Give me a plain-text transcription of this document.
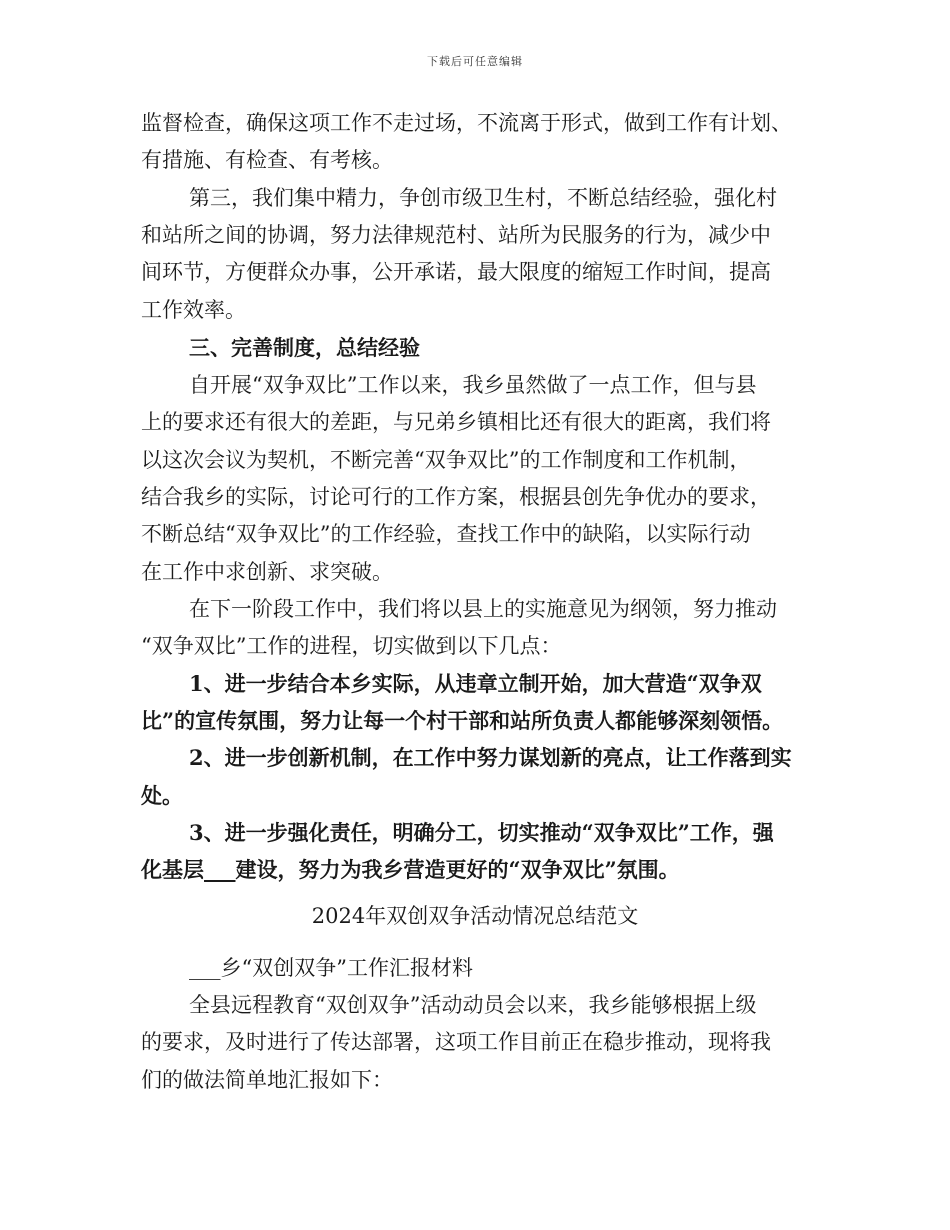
下载后可任意编辑
监督检查，确保这项工作不走过场，不流离于形式，做到工作有计划、
有措施、有检查、有考核。
第三，我们集中精力，争创市级卫生村，不断总结经验，强化村
和站所之间的协调，努力法律规范村、站所为民服务的行为，减少中
间环节，方便群众办事，公开承诺，最大限度的缩短工作时间，提高
工作效率。
三、完善制度，总结经验
自开展“双争双比”工作以来，我乡虽然做了一点工作，但与县
上的要求还有很大的差距，与兄弟乡镇相比还有很大的距离，我们将
以这次会议为契机，不断完善“双争双比”的工作制度和工作机制，
结合我乡的实际，讨论可行的工作方案，根据县创先争优办的要求，
不断总结“双争双比”的工作经验，查找工作中的缺陷，以实际行动
在工作中求创新、求突破。
在下一阶段工作中，我们将以县上的实施意见为纲领，努力推动
“双争双比”工作的进程，切实做到以下几点：
1、进一步结合本乡实际，从违章立制开始，加大营造“双争双
比”的宣传氛围，努力让每一个村干部和站所负责人都能够深刻领悟。
2、进一步创新机制，在工作中努力谋划新的亮点，让工作落到实
处。
3、进一步强化责任，明确分工，切实推动“双争双比”工作，强
化基层___建设，努力为我乡营造更好的“双争双比”氛围。
2024年双创双争活动情况总结范文
___乡“双创双争”工作汇报材料
全县远程教育“双创双争”活动动员会以来，我乡能够根据上级
的要求，及时进行了传达部署，这项工作目前正在稳步推动，现将我
们的做法简单地汇报如下：
